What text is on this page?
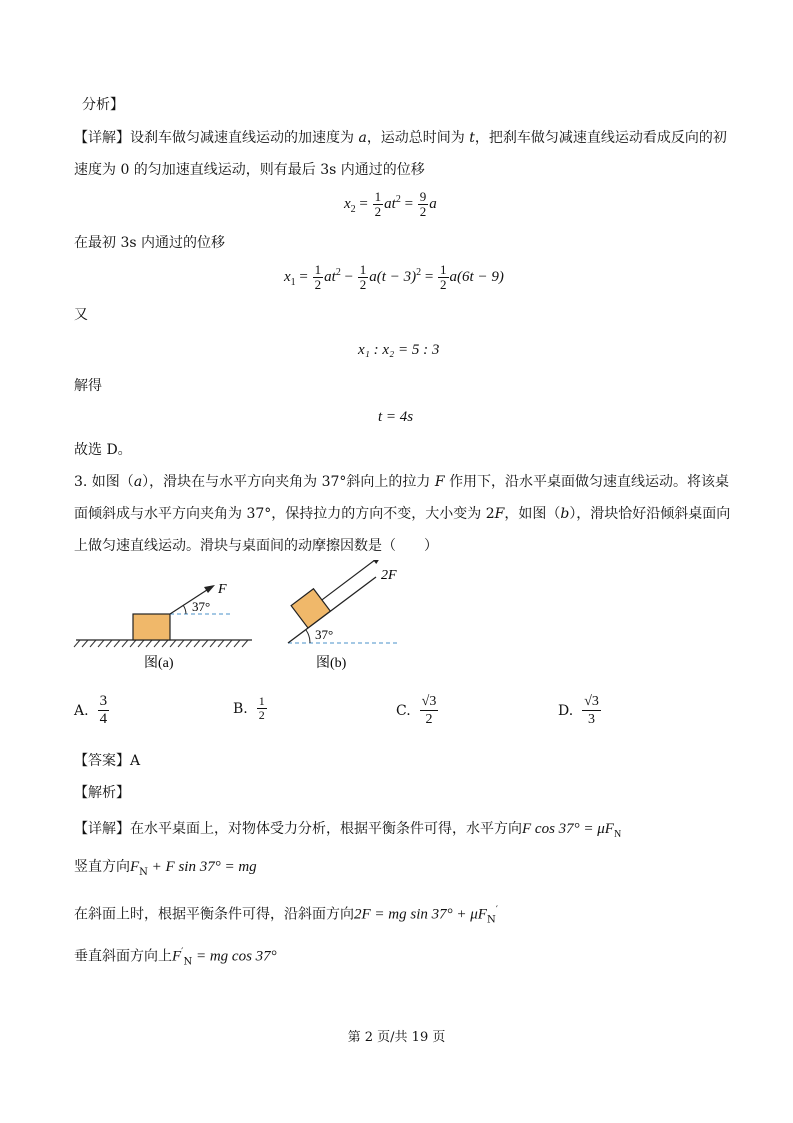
分析】
【详解】设刹车做匀减速直线运动的加速度为 a，运动总时间为 t，把刹车做匀减速直线运动看成反向的初
速度为 0 的匀加速直线运动，则有最后 3s 内通过的位移
$x_2 = \frac{1}{2} at^2 = \frac{9}{2}$ a
在最初 3s 内通过的位移
$x_1 = \frac{1}{2} at^2 - \frac{1}{2} a(t - 3)^2 = \frac{1}{2} a(6t - 9)$
又
x₁ : x₂ = 5 : 3
解得
t = 4s
故选 D。
3. 如图（a），滑块在与水平方向夹角为 37°斜向上的拉力 F 作用下，沿水平桌面做匀速直线运动。将该桌
面倾斜成与水平方向夹角为 37°，保持拉力的方向不变，大小变为 2F，如图（b），滑块恰好沿倾斜桌面向
上做匀速直线运动。滑块与桌面间的动摩擦因数是（　　）
F
37°
图(a)
37°
2F
图(b)
A. $\frac{3}{4}$	B. $\frac{1}{2}$	C. $\frac{√3}{2}$	D. $\frac{√3}{3}$
【答案】A
【解析】
【详解】在水平桌面上，对物体受力分析，根据平衡条件可得，水平方向F $\cos 37^\circ = \mu F_N$
竖直方向$F_N + F$ sin 37° = mg
在斜面上时，根据平衡条件可得，沿斜面方向2F = mg $\sin 37^\circ + \mu F_N'$
垂直斜面方向上$F'_N$ = mg cos 37°
第 2 页/共 19 页
